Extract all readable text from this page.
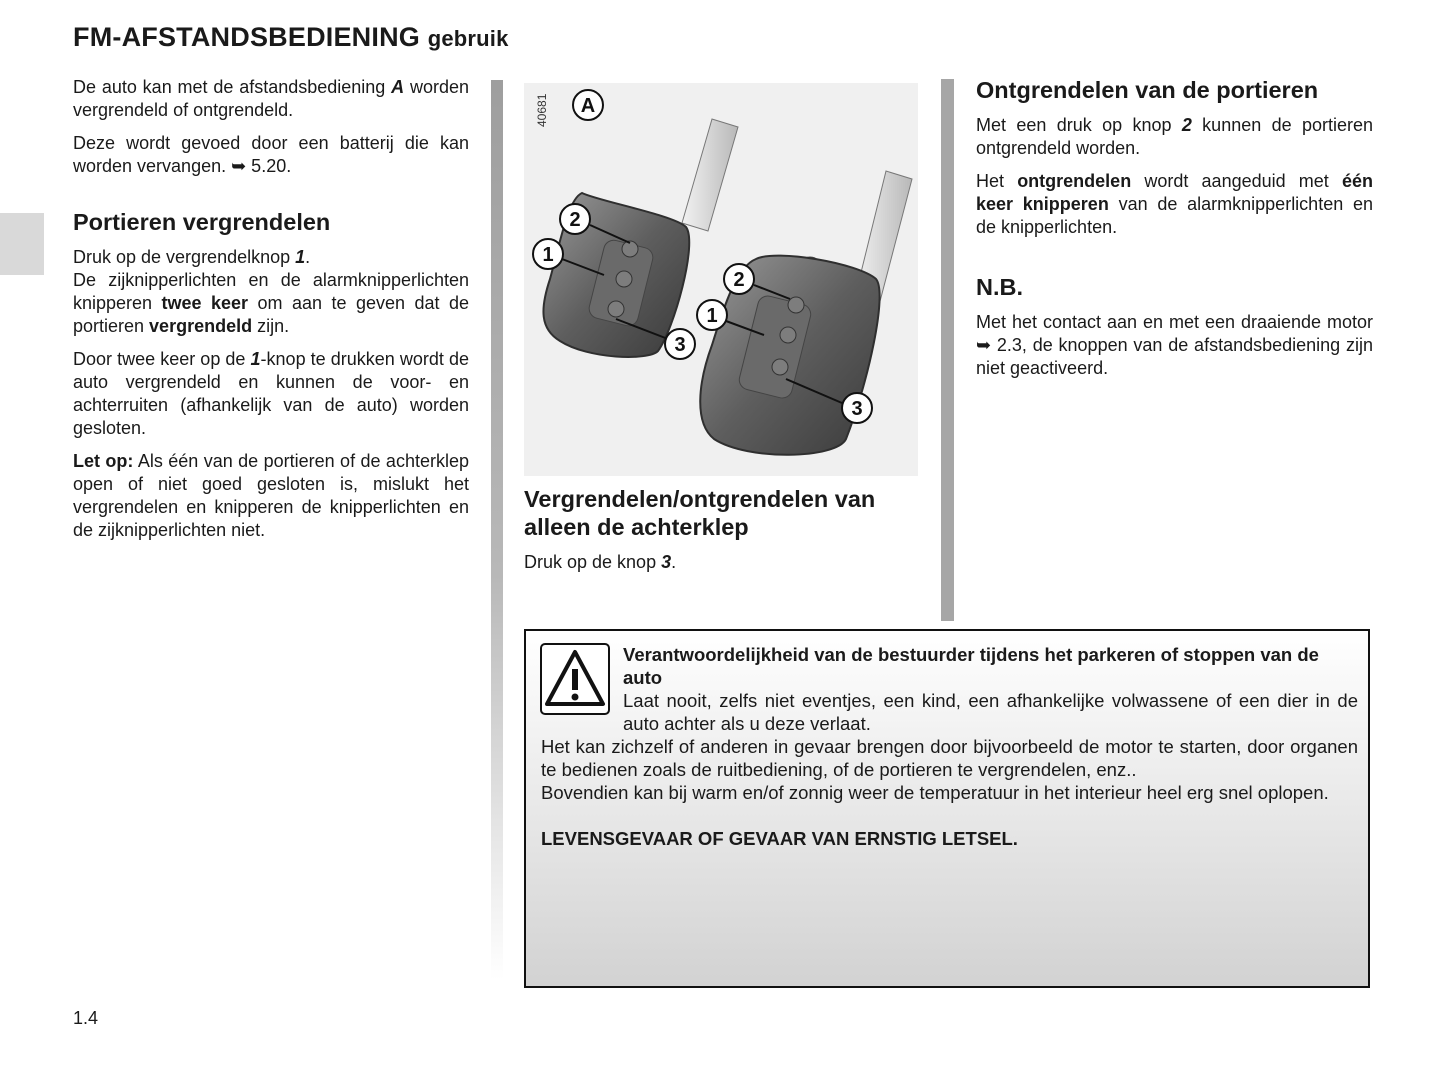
FM-AFSTANDSBEDIENING gebruik

De auto kan met de afstandsbediening A worden vergrendeld of ontgrendeld.

Deze wordt gevoed door een batterij die kan worden vervangen. ➥ 5.20.

Portieren vergrendelen

Druk op de vergrendelknop 1.

De zijknipperlichten en de alarmknipperlichten knipperen twee keer om aan te geven dat de portieren vergrendeld zijn.

Door twee keer op de 1-knop te drukken wordt de auto vergrendeld en kunnen de voor- en achterruiten (afhankelijk van de auto) worden gesloten.

Let op: Als één van de portieren of de achterklep open of niet goed gesloten is, mislukt het vergrendelen en knipperen de knipperlichten en de zijknipperlichten niet.

40681 A
2
1
3
2
1
3
Vergrendelen/ontgrendelen van alleen de achterklep

Druk op de knop 3.

Ontgrendelen van de portieren

Met een druk op knop 2 kunnen de portieren ontgrendeld worden.

Het ontgrendelen wordt aangeduid met één keer knipperen van de alarmknipperlichten en de knipperlichten.

N.B.

Met het contact aan en met een draaiende motor ➥ 2.3, de knoppen van de afstandsbediening zijn niet geactiveerd.

Verantwoordelijkheid van de bestuurder tijdens het parkeren of stoppen van de auto
Laat nooit, zelfs niet eventjes, een kind, een afhankelijke volwassene of een dier in de auto achter als u deze verlaat.
Het kan zichzelf of anderen in gevaar brengen door bijvoorbeeld de motor te starten, door organen te bedienen zoals de ruitbediening, of de portieren te vergrendelen, enz..
Bovendien kan bij warm en/of zonnig weer de temperatuur in het interieur heel erg snel oplopen.
LEVENSGEVAAR OF GEVAAR VAN ERNSTIG LETSEL.
1.4
